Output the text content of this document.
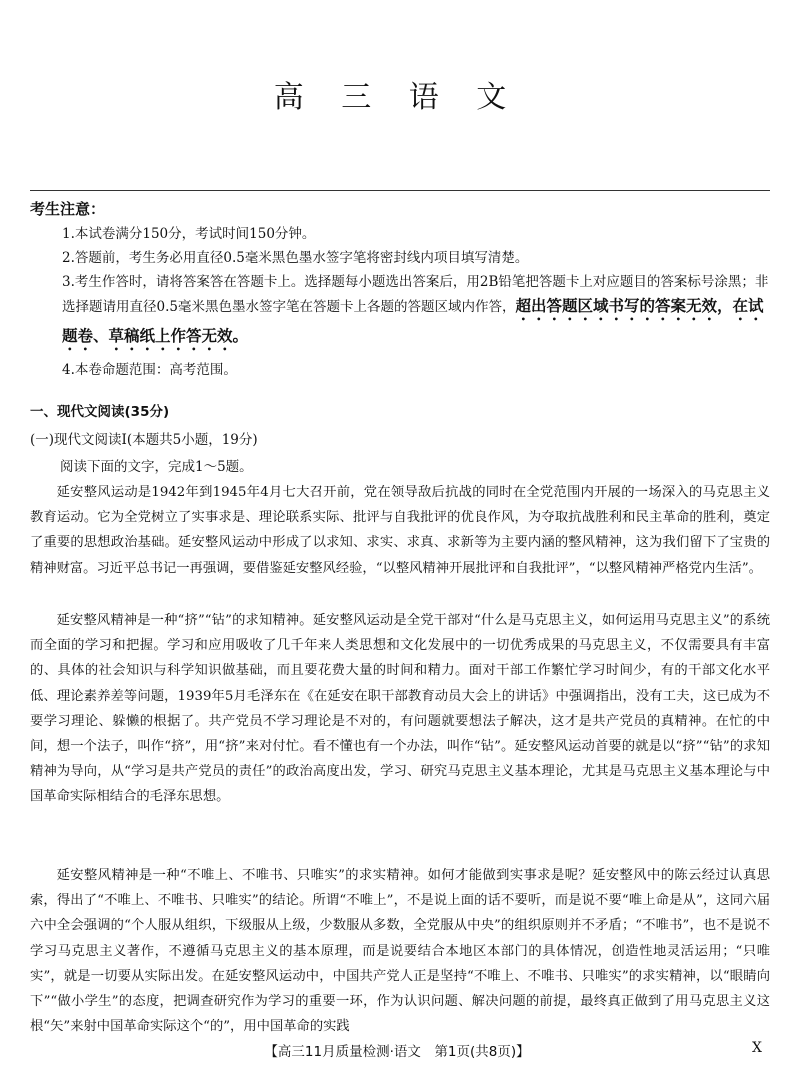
高 三 语 文
考生注意：
1.本试卷满分150分，考试时间150分钟。
2.答题前，考生务必用直径0.5毫米黑色墨水签字笔将密封线内项目填写清楚。
3.考生作答时，请将答案答在答题卡上。选择题每小题选出答案后，用2B铅笔把答题卡上对应题目的答案标号涂黑；非选择题请用直径0.5毫米黑色墨水签字笔在答题卡上各题的答题区域内作答，超出答题区域书写的答案无效，在试题卷、草稿纸上作答无效。
4.本卷命题范围：高考范围。
一、现代文阅读(35分)
(一)现代文阅读Ⅰ(本题共5小题，19分)
阅读下面的文字，完成1～5题。
延安整风运动是1942年到1945年4月七大召开前，党在领导敌后抗战的同时在全党范围内开展的一场深入的马克思主义教育运动。它为全党树立了实事求是、理论联系实际、批评与自我批评的优良作风，为夺取抗战胜利和民主革命的胜利，奠定了重要的思想政治基础。延安整风运动中形成了以求知、求实、求真、求新等为主要内涵的整风精神，这为我们留下了宝贵的精神财富。习近平总书记一再强调，要借鉴延安整风经验，“以整风精神开展批评和自我批评”，“以整风精神严格党内生活”。
延安整风精神是一种“挤”“钻”的求知精神。延安整风运动是全党干部对“什么是马克思主义，如何运用马克思主义”的系统而全面的学习和把握。学习和应用吸收了几千年来人类思想和文化发展中的一切优秀成果的马克思主义，不仅需要具有丰富的、具体的社会知识与科学知识做基础，而且要花费大量的时间和精力。面对干部工作繁忙学习时间少，有的干部文化水平低、理论素养差等问题，1939年5月毛泽东在《在延安在职干部教育动员大会上的讲话》中强调指出，没有工夫，这已成为不要学习理论、躲懒的根据了。共产党员不学习理论是不对的，有问题就要想法子解决，这才是共产党员的真精神。在忙的中间，想一个法子，叫作“挤”，用“挤”来对付忙。看不懂也有一个办法，叫作“钻”。延安整风运动首要的就是以“挤”“钻”的求知精神为导向，从“学习是共产党员的责任”的政治高度出发，学习、研究马克思主义基本理论，尤其是马克思主义基本理论与中国革命实际相结合的毛泽东思想。
延安整风精神是一种“不唯上、不唯书、只唯实”的求实精神。如何才能做到实事求是呢？延安整风中的陈云经过认真思索，得出了“不唯上、不唯书、只唯实”的结论。所谓“不唯上”，不是说上面的话不要听，而是说不要“唯上命是从”，这同六届六中全会强调的“个人服从组织，下级服从上级，少数服从多数，全党服从中央”的组织原则并不矛盾；“不唯书”，也不是说不学习马克思主义著作，不遵循马克思主义的基本原理，而是说要结合本地区本部门的具体情况，创造性地灵活运用；“只唯实”，就是一切要从实际出发。在延安整风运动中，中国共产党人正是坚持“不唯上、不唯书、只唯实”的求实精神，以“眼睛向下”“做小学生”的态度，把调查研究作为学习的重要一环，作为认识问题、解决问题的前提，最终真正做到了用马克思主义这根“矢”来射中国革命实际这个“的”，用中国革命的实践
【高三11月质量检测·语文　第1页(共8页)】	X
